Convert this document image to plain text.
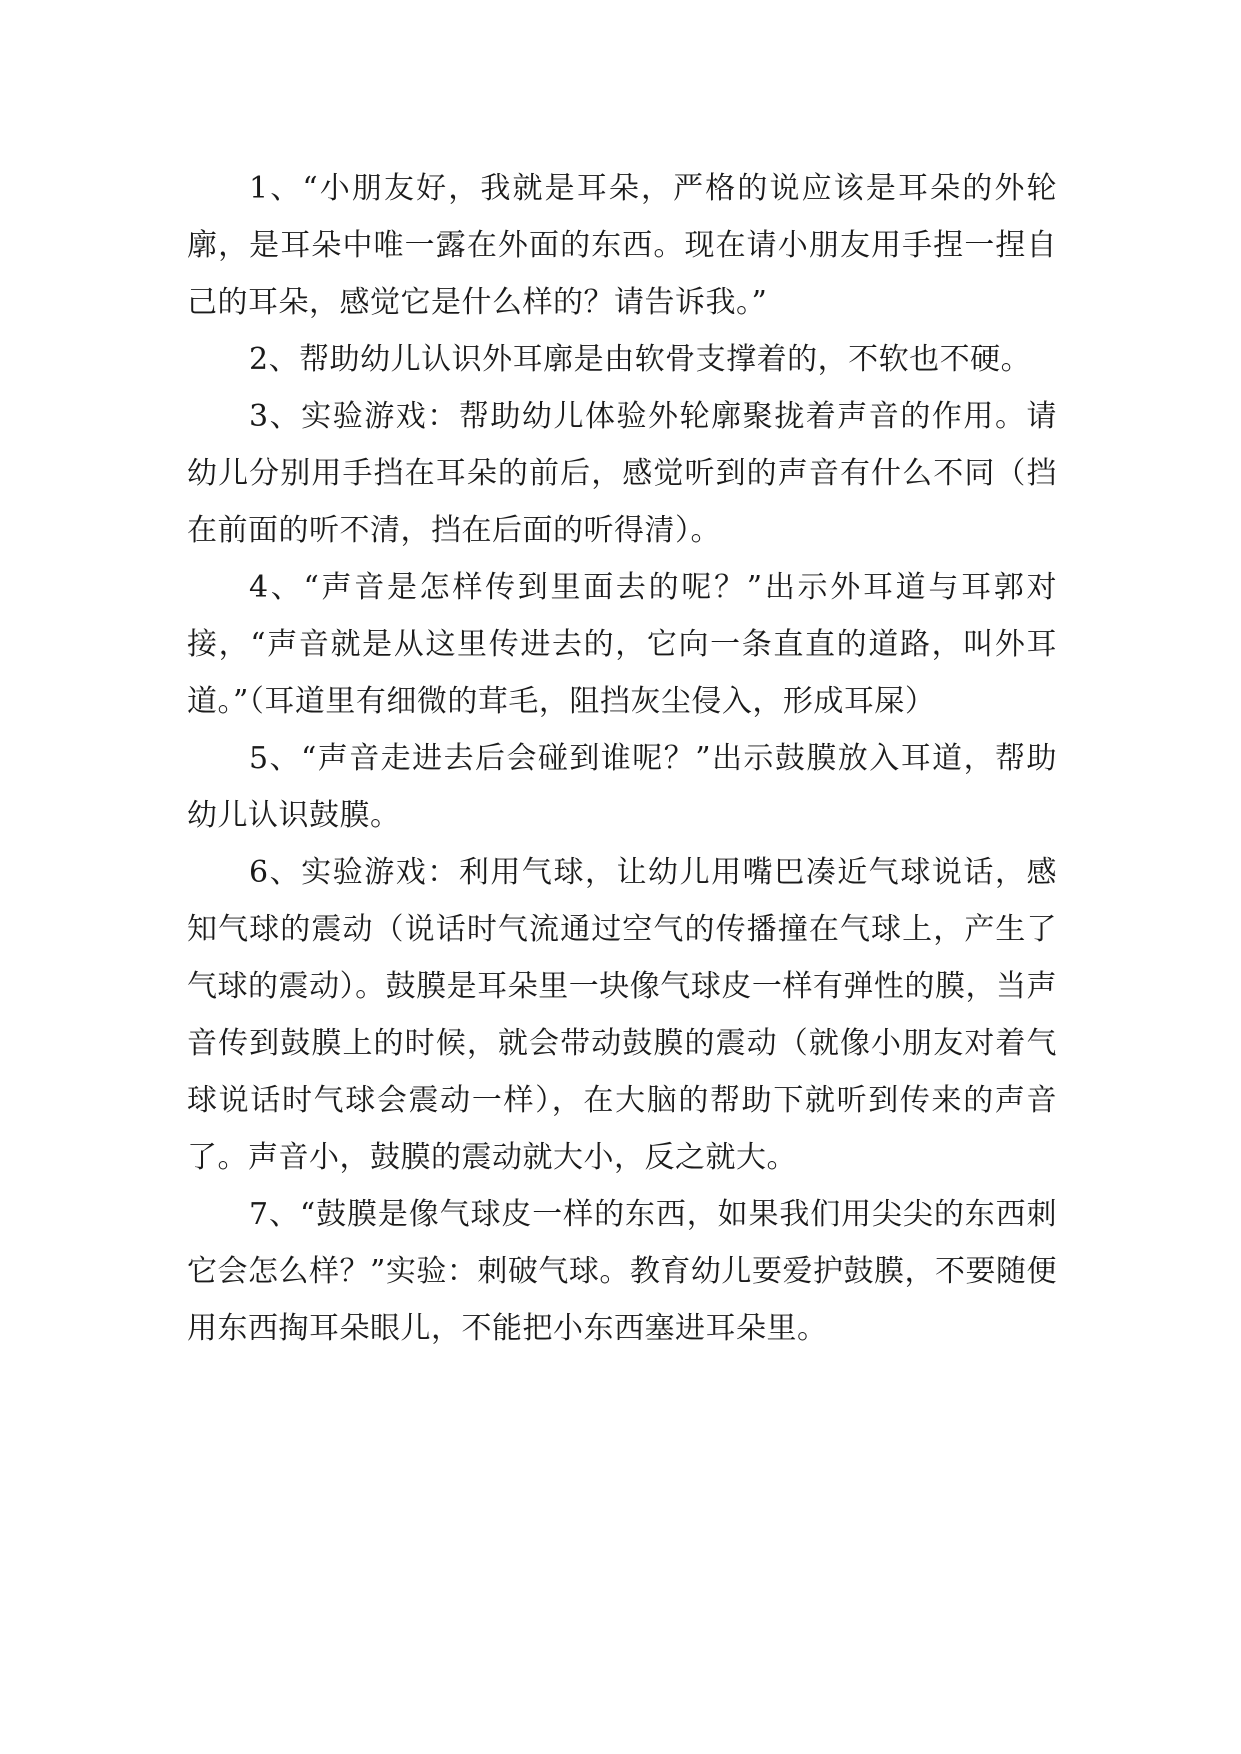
1、“小朋友好，我就是耳朵，严格的说应该是耳朵的外轮廓，是耳朵中唯一露在外面的东西。现在请小朋友用手捏一捏自己的耳朵，感觉它是什么样的？请告诉我。”

2、帮助幼儿认识外耳廓是由软骨支撑着的，不软也不硬。

3、实验游戏：帮助幼儿体验外轮廓聚拢着声音的作用。请幼儿分别用手挡在耳朵的前后，感觉听到的声音有什么不同（挡在前面的听不清，挡在后面的听得清）。

4、“声音是怎样传到里面去的呢？”出示外耳道与耳郭对接，“声音就是从这里传进去的，它向一条直直的道路，叫外耳道。”（耳道里有细微的茸毛，阻挡灰尘侵入，形成耳屎）

5、“声音走进去后会碰到谁呢？”出示鼓膜放入耳道，帮助幼儿认识鼓膜。

6、实验游戏：利用气球，让幼儿用嘴巴凑近气球说话，感知气球的震动（说话时气流通过空气的传播撞在气球上，产生了气球的震动）。鼓膜是耳朵里一块像气球皮一样有弹性的膜，当声音传到鼓膜上的时候，就会带动鼓膜的震动（就像小朋友对着气球说话时气球会震动一样），在大脑的帮助下就听到传来的声音了。声音小，鼓膜的震动就大小，反之就大。

7、“鼓膜是像气球皮一样的东西，如果我们用尖尖的东西刺它会怎么样？”实验：刺破气球。教育幼儿要爱护鼓膜，不要随便用东西掏耳朵眼儿，不能把小东西塞进耳朵里。
